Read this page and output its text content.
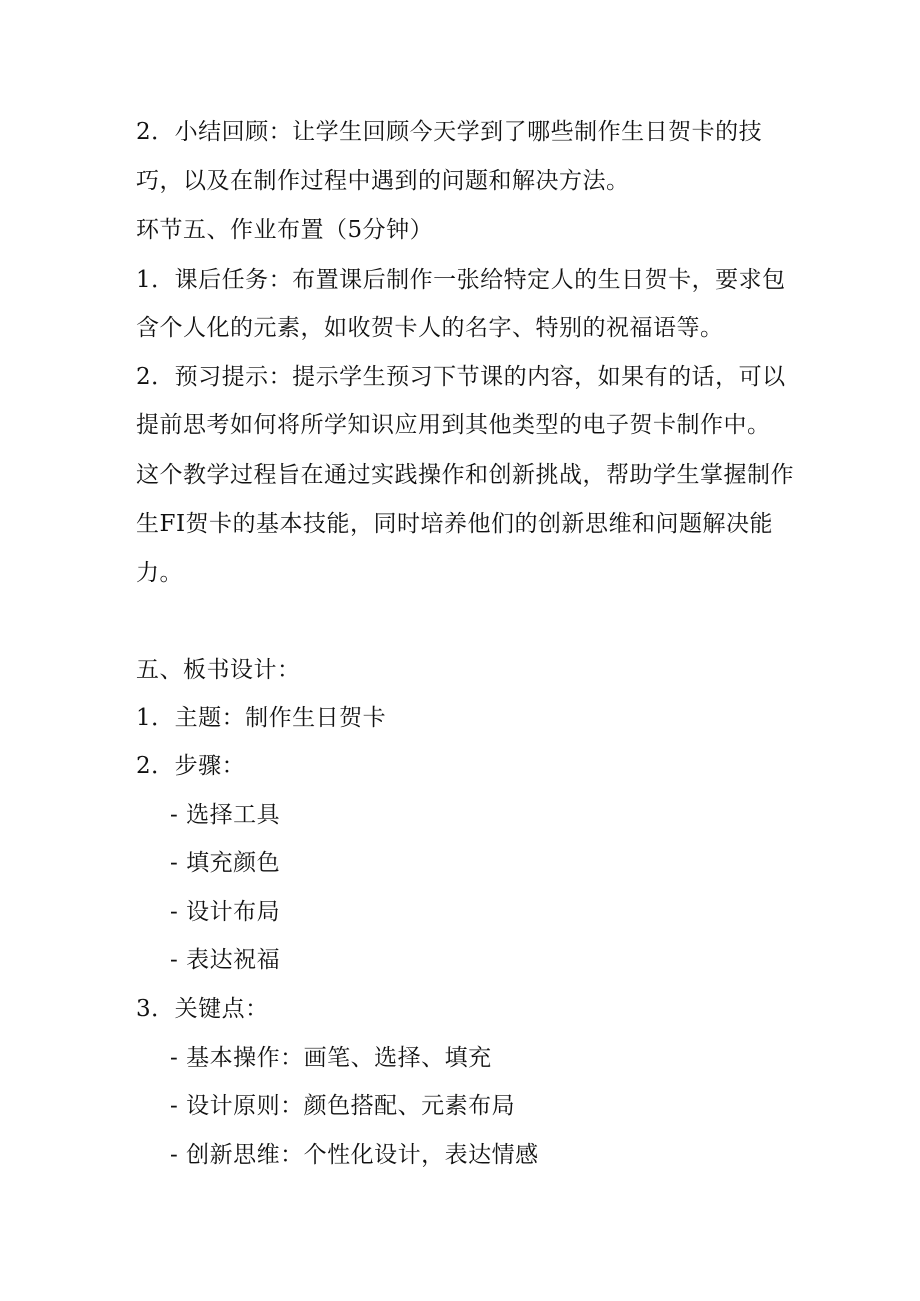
2．小结回顾：让学生回顾今天学到了哪些制作生日贺卡的技
巧，以及在制作过程中遇到的问题和解决方法。
环节五、作业布置（5分钟）
1．课后任务：布置课后制作一张给特定人的生日贺卡，要求包
含个人化的元素，如收贺卡人的名字、特别的祝福语等。
2．预习提示：提示学生预习下节课的内容，如果有的话，可以
提前思考如何将所学知识应用到其他类型的电子贺卡制作中。
这个教学过程旨在通过实践操作和创新挑战，帮助学生掌握制作
生FI贺卡的基本技能，同时培养他们的创新思维和问题解决能
力。
五、板书设计：
1．主题：制作生日贺卡
2．步骤：
- 选择工具
- 填充颜色
- 设计布局
- 表达祝福
3．关键点：
- 基本操作：画笔、选择、填充
- 设计原则：颜色搭配、元素布局
- 创新思维：个性化设计，表达情感
